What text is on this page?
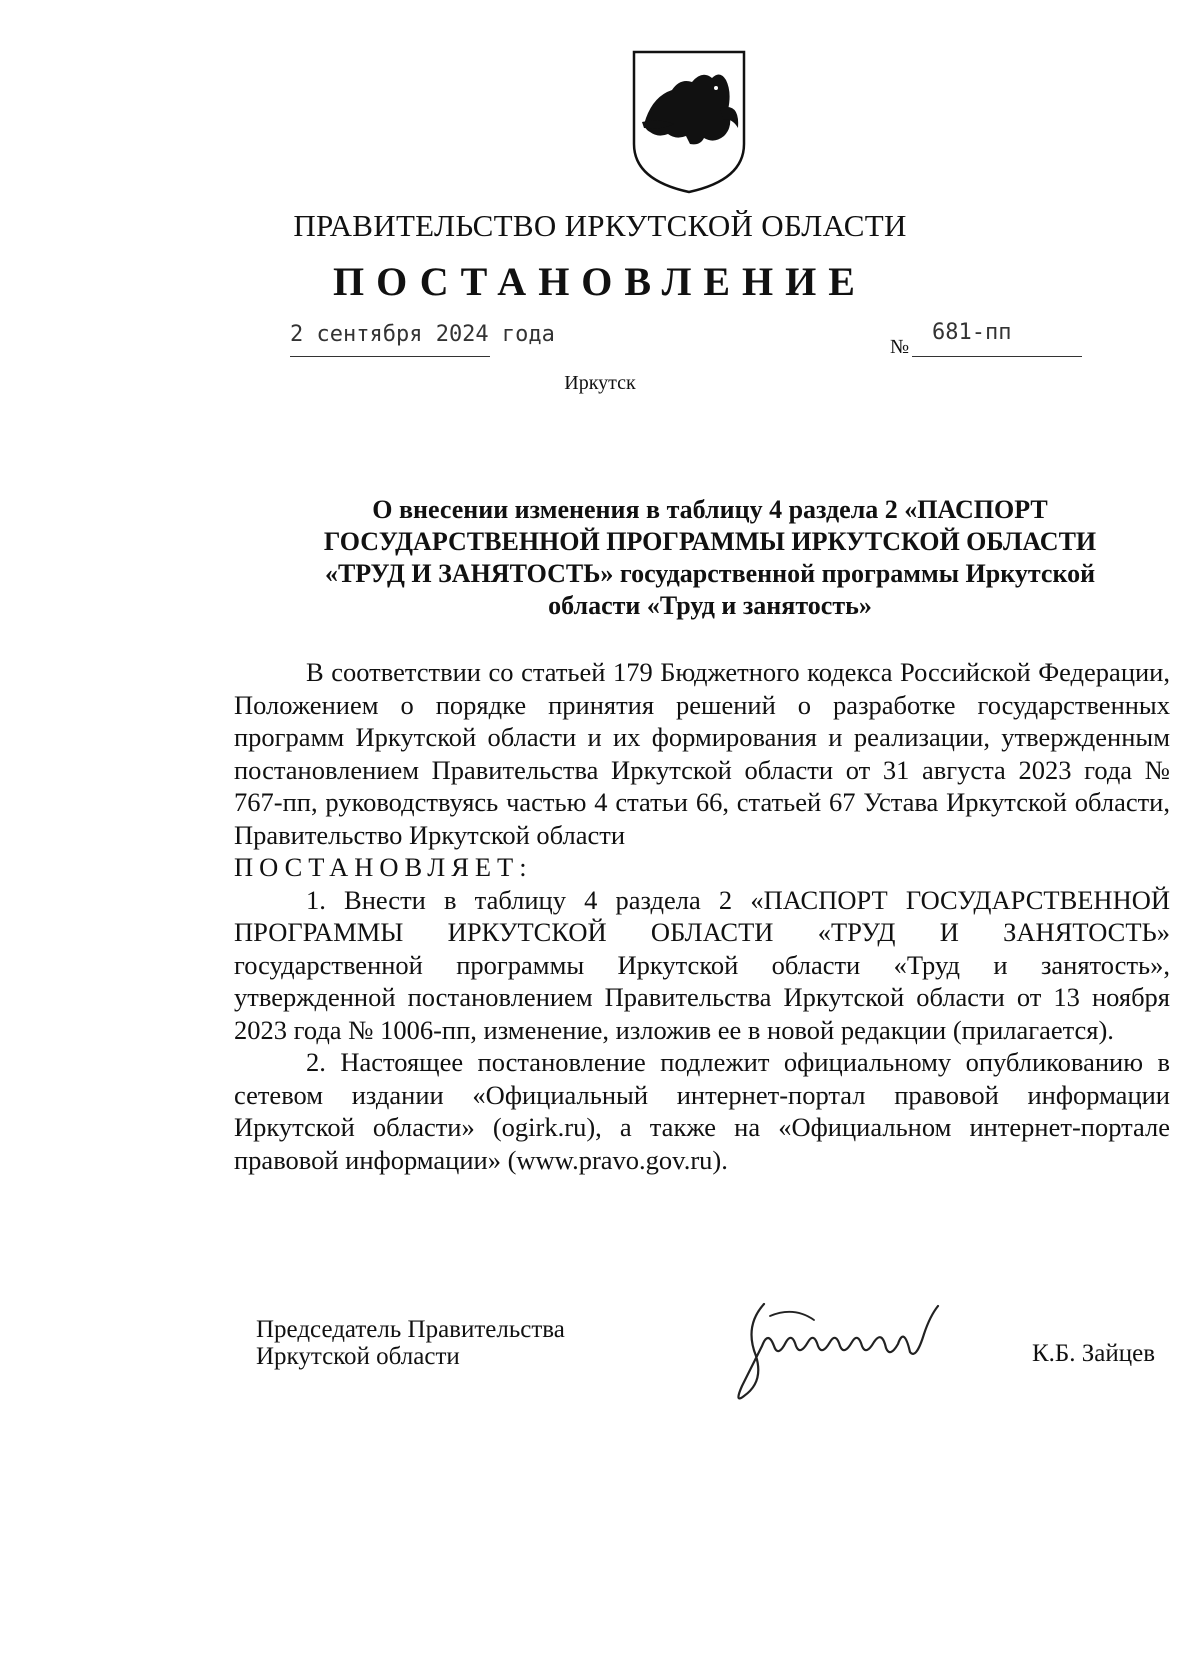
ПРАВИТЕЛЬСТВО ИРКУТСКОЙ ОБЛАСТИ
ПОСТАНОВЛЕНИЕ
2 сентября 2024 года	№
681-пп
Иркутск
О внесении изменения в таблицу 4 раздела 2 «ПАСПОРТ
ГОСУДАРСТВЕННОЙ ПРОГРАММЫ ИРКУТСКОЙ ОБЛАСТИ
«ТРУД И ЗАНЯТОСТЬ» государственной программы Иркутской
области «Труд и занятость»

В соответствии со статьей 179 Бюджетного кодекса Российской Федерации, Положением о порядке принятия решений о разработке государственных программ Иркутской области и их формирования и реализации, утвержденным постановлением Правительства Иркутской области от 31 августа 2023 года № 767-пп, руководствуясь частью 4 статьи 66, статьей 67 Устава Иркутской области, Правительство Иркутской области

ПОСТАНОВЛЯЕТ:

1. Внести в таблицу 4 раздела 2 «ПАСПОРТ ГОСУДАРСТВЕННОЙ ПРОГРАММЫ ИРКУТСКОЙ ОБЛАСТИ «ТРУД И ЗАНЯТОСТЬ» государственной программы Иркутской области «Труд и занятость», утвержденной постановлением Правительства Иркутской области от 13 ноября 2023 года № 1006-пп, изменение, изложив ее в новой редакции (прилагается).

2. Настоящее постановление подлежит официальному опубликованию в сетевом издании «Официальный интернет-портал правовой информации Иркутской области» (ogirk.ru), а также на «Официальном интернет-портале правовой информации» (www.pravo.gov.ru).

Председатель Правительства
Иркутской области	К.Б. Зайцев
